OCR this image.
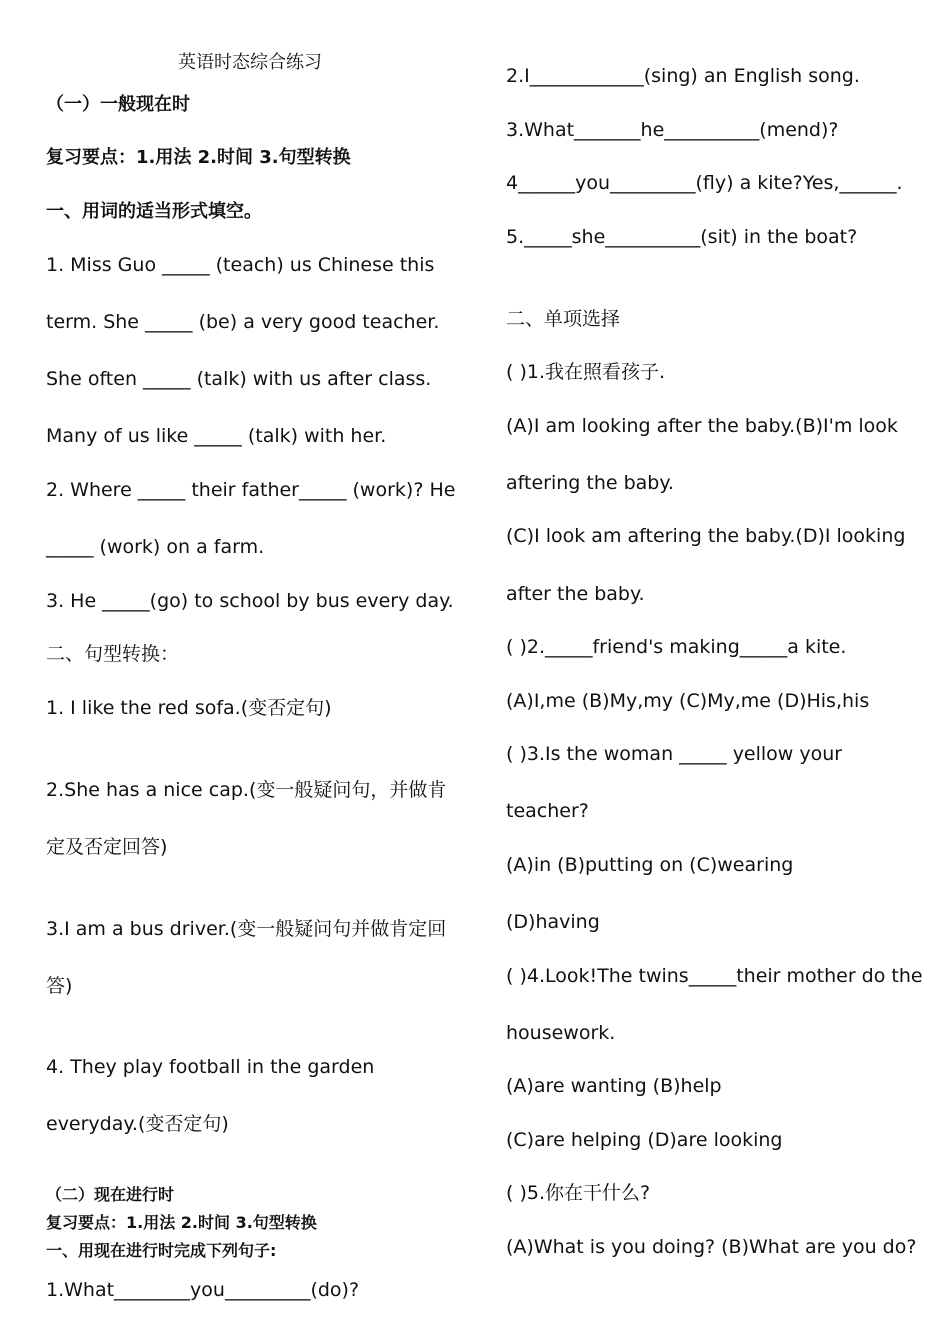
英语时态综合练习
（一）一般现在时
复习要点：1.用法 2.时间 3.句型转换
一、用词的适当形式填空。
1. Miss Guo _____ (teach) us Chinese this
term. She _____ (be) a very good teacher.
She often _____ (talk) with us after class.
Many of us like _____ (talk) with her.
2. Where _____ their father_____ (work)? He
_____ (work) on a farm.
3. He _____(go) to school by bus every day.
二、句型转换：
1. I like the red sofa.(变否定句)
2.She has a nice cap.(变一般疑问句，并做肯
定及否定回答)
3.I am a bus driver.(变一般疑问句并做肯定回
答)
4. They play football in the garden
everyday.(变否定句)
（二）现在进行时
复习要点：1.用法 2.时间 3.句型转换
一、用现在进行时完成下列句子:
1.What________you_________(do)?
2.I____________(sing) an English song.
3.What_______he__________(mend)?
4______you_________(fly) a kite?Yes,______.
5._____she__________(sit) in the boat?
二、单项选择
( )1.我在照看孩子.
(A)I am looking after the baby.(B)I'm look
aftering the baby.
(C)I look am aftering the baby.(D)I looking
after the baby.
( )2._____friend's making_____a kite.
(A)I,me (B)My,my (C)My,me (D)His,his
( )3.Is the woman _____ yellow your
teacher?
(A)in (B)putting on (C)wearing
(D)having
( )4.Look!The twins_____their mother do the
housework.
(A)are wanting (B)help
(C)are helping (D)are looking
( )5.你在干什么?
(A)What is you doing? (B)What are you do?
